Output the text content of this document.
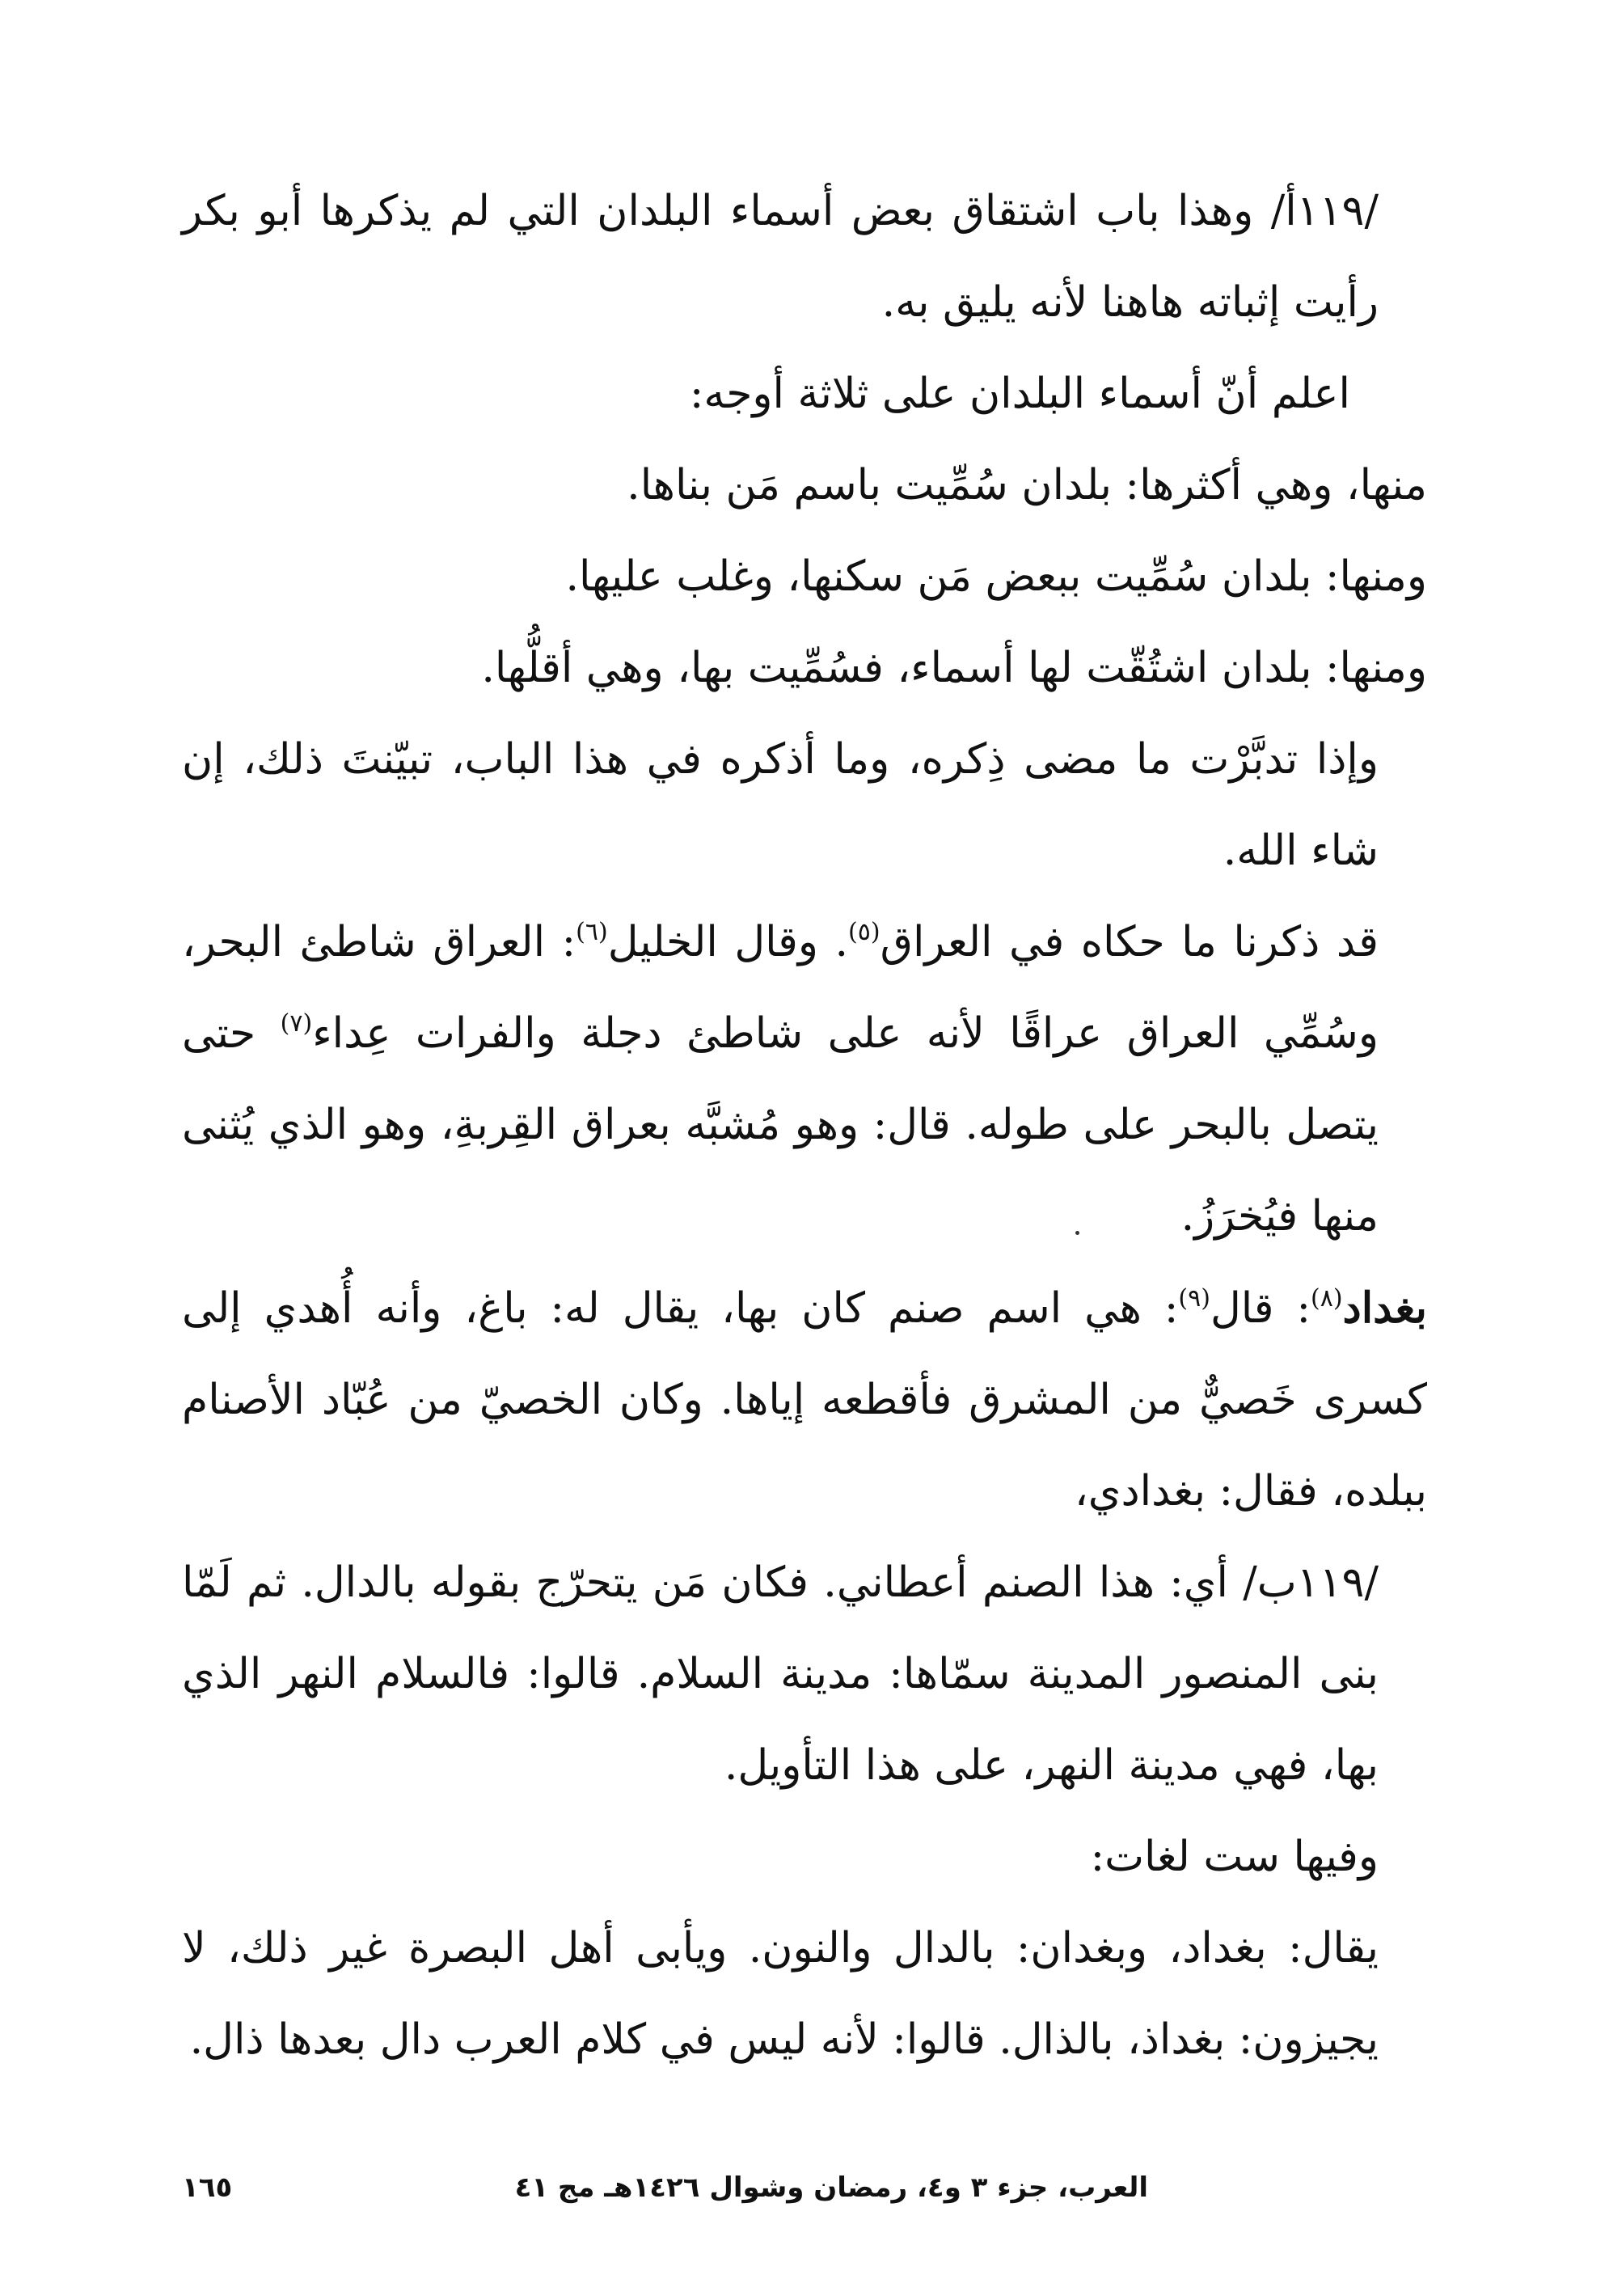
/١١٩أ/ وهذا باب اشتقاق بعض أسماء البلدان التي لم يذكرها أبو بكر رأيت إثباته هاهنا لأنه يليق به.

اعلم أنّ أسماء البلدان على ثلاثة أوجه:

منها، وهي أكثرها: بلدان سُمِّيت باسم مَن بناها.

ومنها: بلدان سُمِّيت ببعض مَن سكنها، وغلب عليها.

ومنها: بلدان اشتُقّت لها أسماء، فسُمِّيت بها، وهي أقلُّها.

وإذا تدبَّرْت ما مضى ذِكره، وما أذكره في هذا الباب، تبيّنتَ ذلك، إن شاء الله.

قد ذكرنا ما حكاه في العراق$^{(٥)}$. وقال الخليل$^{(٦)}$: العراق شاطئ البحر، وسُمِّي العراق عراقًا لأنه على شاطئ دجلة والفرات عِداء$^{(٧)}$ حتى يتصل بالبحر على طوله. قال: وهو مُشبَّه بعراق القِربةِ، وهو الذي يُثنى منها فيُخرَزُ.

بغداد$^{(٨)}$: قال$^{(٩)}$: هي اسم صنم كان بها، يقال له: باغ، وأنه أُهدي إلى كسرى خَصيٌّ من المشرق فأقطعه إياها. وكان الخصيّ من عُبّاد الأصنام ببلده، فقال: بغدادي،

/١١٩ب/ أي: هذا الصنم أعطاني. فكان مَن يتحرّج بقوله بالدال. ثم لَمّا بنى المنصور المدينة سمّاها: مدينة السلام. قالوا: فالسلام النهر الذي بها، فهي مدينة النهر، على هذا التأويل.

وفيها ست لغات:

يقال: بغداد، وبغدان: بالدال والنون. ويأبى أهل البصرة غير ذلك، لا يجيزون: بغداذ، بالذال. قالوا: لأنه ليس في كلام العرب دال بعدها ذال.

العرب، جزء ٣ و٤، رمضان وشوال ١٤٢٦هـ مج ٤١
١٦٥
